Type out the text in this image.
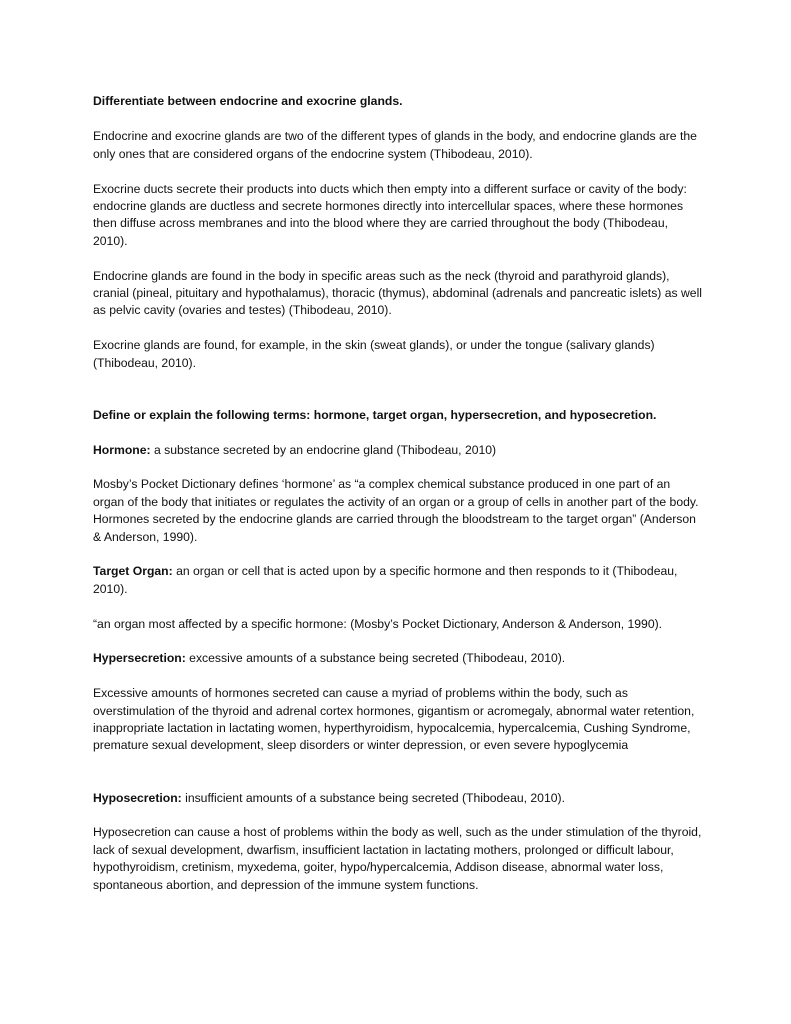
Differentiate between endocrine and exocrine glands.

Endocrine and exocrine glands are two of the different types of glands in the body, and endocrine glands are the only ones that are considered organs of the endocrine system (Thibodeau, 2010).

Exocrine ducts secrete their products into ducts which then empty into a different surface or cavity of the body: endocrine glands are ductless and secrete hormones directly into intercellular spaces, where these hormones then diffuse across membranes and into the blood where they are carried throughout the body (Thibodeau, 2010).

Endocrine glands are found in the body in specific areas such as the neck (thyroid and parathyroid glands), cranial (pineal, pituitary and hypothalamus), thoracic (thymus), abdominal (adrenals and pancreatic islets) as well as pelvic cavity (ovaries and testes) (Thibodeau, 2010).

Exocrine glands are found, for example, in the skin (sweat glands), or under the tongue (salivary glands) (Thibodeau, 2010).

Define or explain the following terms: hormone, target organ, hypersecretion, and hyposecretion.

Hormone: a substance secreted by an endocrine gland (Thibodeau, 2010)

Mosby’s Pocket Dictionary defines ‘hormone’ as “a complex chemical substance produced in one part of an organ of the body that initiates or regulates the activity of an organ or a group of cells in another part of the body. Hormones secreted by the endocrine glands are carried through the bloodstream to the target organ” (Anderson & Anderson, 1990).

Target Organ: an organ or cell that is acted upon by a specific hormone and then responds to it (Thibodeau, 2010).

“an organ most affected by a specific hormone: (Mosby’s Pocket Dictionary, Anderson & Anderson, 1990).

Hypersecretion: excessive amounts of a substance being secreted (Thibodeau, 2010).

Excessive amounts of hormones secreted can cause a myriad of problems within the body, such as overstimulation of the thyroid and adrenal cortex hormones, gigantism or acromegaly, abnormal water retention, inappropriate lactation in lactating women, hyperthyroidism, hypocalcemia, hypercalcemia, Cushing Syndrome, premature sexual development, sleep disorders or winter depression, or even severe hypoglycemia

Hyposecretion: insufficient amounts of a substance being secreted (Thibodeau, 2010).

Hyposecretion can cause a host of problems within the body as well, such as the under stimulation of the thyroid, lack of sexual development, dwarfism, insufficient lactation in lactating mothers, prolonged or difficult labour, hypothyroidism, cretinism, myxedema, goiter, hypo/hypercalcemia, Addison disease, abnormal water loss, spontaneous abortion, and depression of the immune system functions.
